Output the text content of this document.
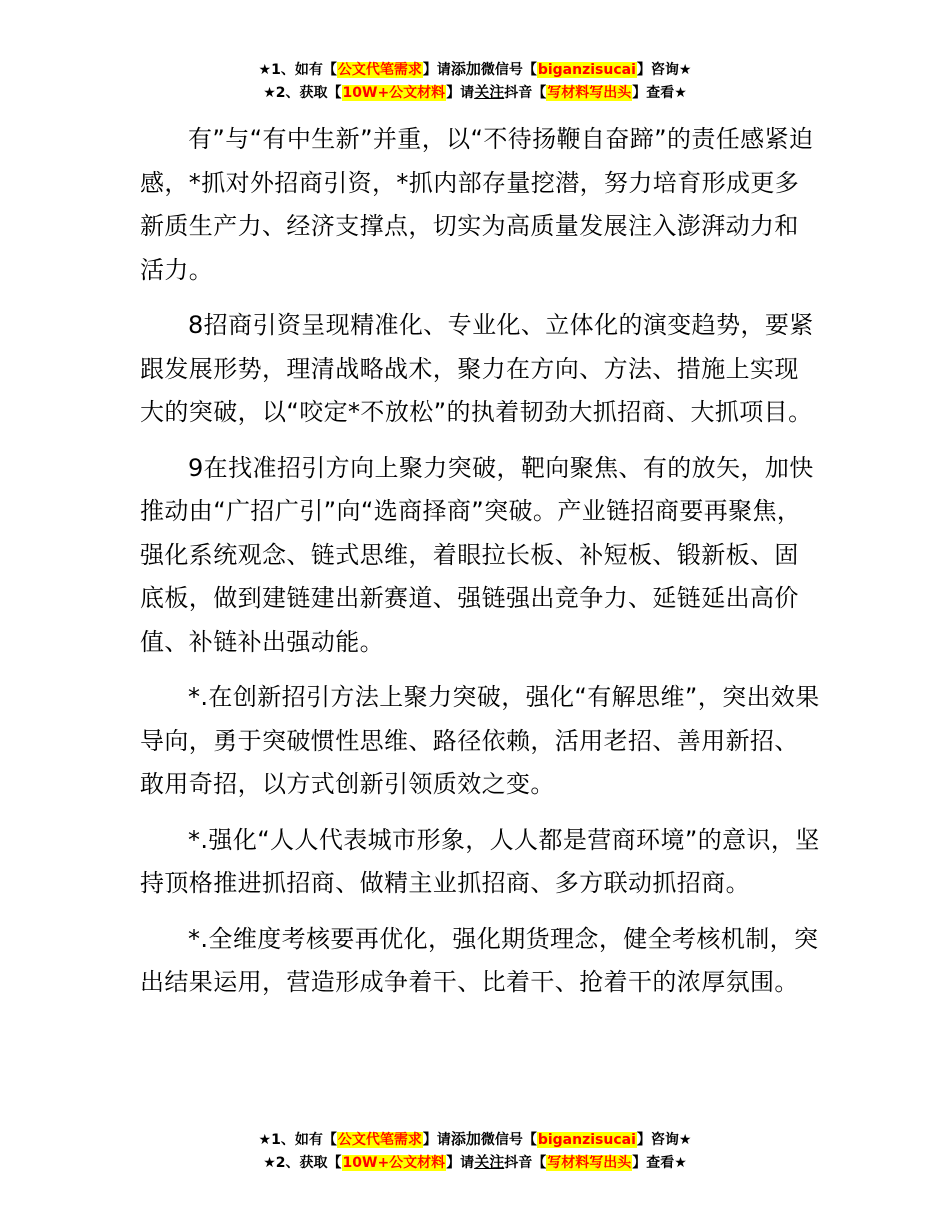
★1、如有【公文代笔需求】请添加微信号【biganzisucai】咨询★
★2、获取【10W+公文材料】请关注抖音【写材料写出头】查看★

有”与“有中生新”并重，以“不待扬鞭自奋蹄”的责任感紧迫感，*抓对外招商引资，*抓内部存量挖潜，努力培育形成更多新质生产力、经济支撑点，切实为高质量发展注入澎湃动力和活力。

8招商引资呈现精准化、专业化、立体化的演变趋势，要紧跟发展形势，理清战略战术，聚力在方向、方法、措施上实现大的突破，以“咬定*不放松”的执着韧劲大抓招商、大抓项目。

9在找准招引方向上聚力突破，靶向聚焦、有的放矢，加快推动由“广招广引”向“选商择商”突破。产业链招商要再聚焦，强化系统观念、链式思维，着眼拉长板、补短板、锻新板、固底板，做到建链建出新赛道、强链强出竞争力、延链延出高价值、补链补出强动能。

*.在创新招引方法上聚力突破，强化“有解思维”，突出效果导向，勇于突破惯性思维、路径依赖，活用老招、善用新招、敢用奇招，以方式创新引领质效之变。

*.强化“人人代表城市形象，人人都是营商环境”的意识，坚持顶格推进抓招商、做精主业抓招商、多方联动抓招商。

*.全维度考核要再优化，强化期货理念，健全考核机制，突出结果运用，营造形成争着干、比着干、抢着干的浓厚氛围。

★1、如有【公文代笔需求】请添加微信号【biganzisucai】咨询★
★2、获取【10W+公文材料】请关注抖音【写材料写出头】查看★
